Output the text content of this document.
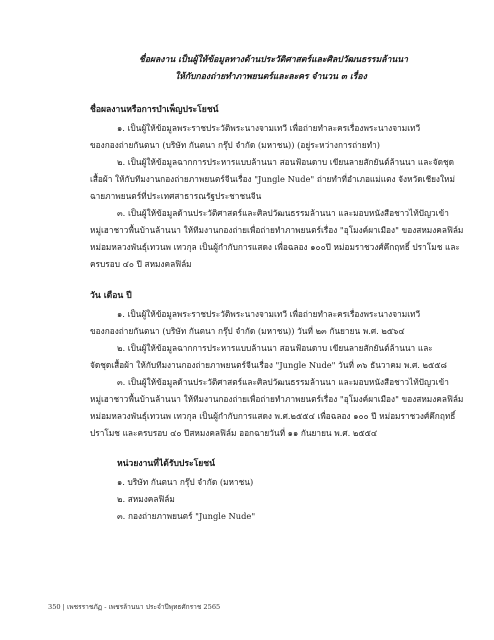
ชื่อผลงาน เป็นผู้ให้ข้อมูลทางด้านประวัติศาสตร์และศิลปวัฒนธรรมล้านนา
ให้กับกองถ่ายทำภาพยนตร์และละคร จำนวน ๓ เรื่อง
ชื่อผลงานหรือการบำเพ็ญประโยชน์
๑. เป็นผู้ให้ข้อมูลพระราชประวัติพระนางจามเทวี เพื่อถ่ายทำละครเรื่องพระนางจามเทวี
ของกองถ่ายกันตนา (บริษัท กันตนา กรุ๊ป จำกัด (มหาชน)) (อยู่ระหว่างการถ่ายทำ)
๒. เป็นผู้ให้ข้อมูลฉากการประหารแบบล้านนา สอนฟ้อนดาบ เขียนลายสักยันต์ล้านนา และจัดชุด
เสื้อผ้า ให้กับทีมงานกองถ่ายภาพยนตร์จีนเรื่อง "Jungle Nude" ถ่ายทำที่อำเภอแม่แตง จังหวัดเชียงใหม่
ฉายภาพยนตร์ที่ประเทศสาธารณรัฐประชาชนจีน
๓. เป็นผู้ให้ข้อมูลด้านประวัติศาสตร์และศิลปวัฒนธรรมล้านนา และมอบหนังสือชาวไท้ปัญวเข้า
หมู่เฮาชาวพื้นบ้านล้านนา ให้ทีมงานกองถ่ายเพื่อถ่ายทำภาพยนตร์เรื่อง "อุโมงค์ผาเมือง" ของสหมงคลฟิล์ม
หม่อมหลวงพันธุ์เทวนพ เทวกุล เป็นผู้กำกับการแสดง เพื่อฉลอง ๑๐๐ปี หม่อมราชวงศ์คึกฤทธิ์ ปราโมช และ
ครบรอบ ๔๐ ปี สหมงคลฟิล์ม
วัน เดือน ปี
๑. เป็นผู้ให้ข้อมูลพระราชประวัติพระนางจามเทวี เพื่อถ่ายทำละครเรื่องพระนางจามเทวี
ของกองถ่ายกันตนา (บริษัท กันตนา กรุ๊ป จำกัด (มหาชน)) วันที่ ๒๓ กันยายน พ.ศ. ๒๕๖๔
๒. เป็นผู้ให้ข้อมูลฉากการประหารแบบล้านนา สอนฟ้อนดาบ เขียนลายสักยันต์ล้านนา และ
จัดชุดเสื้อผ้า ให้กับทีมงานกองถ่ายภาพยนตร์จีนเรื่อง "Jungle Nude" วันที่ ๓๖ ธันวาคม พ.ศ. ๒๕๕๘
๓. เป็นผู้ให้ข้อมูลด้านประวัติศาสตร์และศิลปวัฒนธรรมล้านนา และมอบหนังสือชาวไท้ปัญวเข้า
หมู่เฮาชาวพื้นบ้านล้านนา ให้ทีมงานกองถ่ายเพื่อถ่ายทำภาพยนตร์เรื่อง "อุโมงค์ผาเมือง" ของสหมงคลฟิล์ม
หม่อมหลวงพันธุ์เทวนพ เทวกุล เป็นผู้กำกับการแสดง พ.ศ.๒๕๕๔ เพื่อฉลอง ๑๐๐ ปี หม่อมราชวงศ์คึกฤทธิ์
ปราโมช และครบรอบ ๔๐ ปีสหมงคลฟิล์ม ออกฉายวันที่ ๑๑ กันยายน พ.ศ. ๒๕๕๔
หน่วยงานที่ได้รับประโยชน์
๑. บริษัท กันตนา กรุ๊ป จำกัด (มหาชน)
๒. สหมงคลฟิล์ม
๓. กองถ่ายภาพยนตร์ "Jungle Nude"
350 | เพชรราชภัฏ - เพชรล้านนา ประจำปีพุทธศักราช 2565
